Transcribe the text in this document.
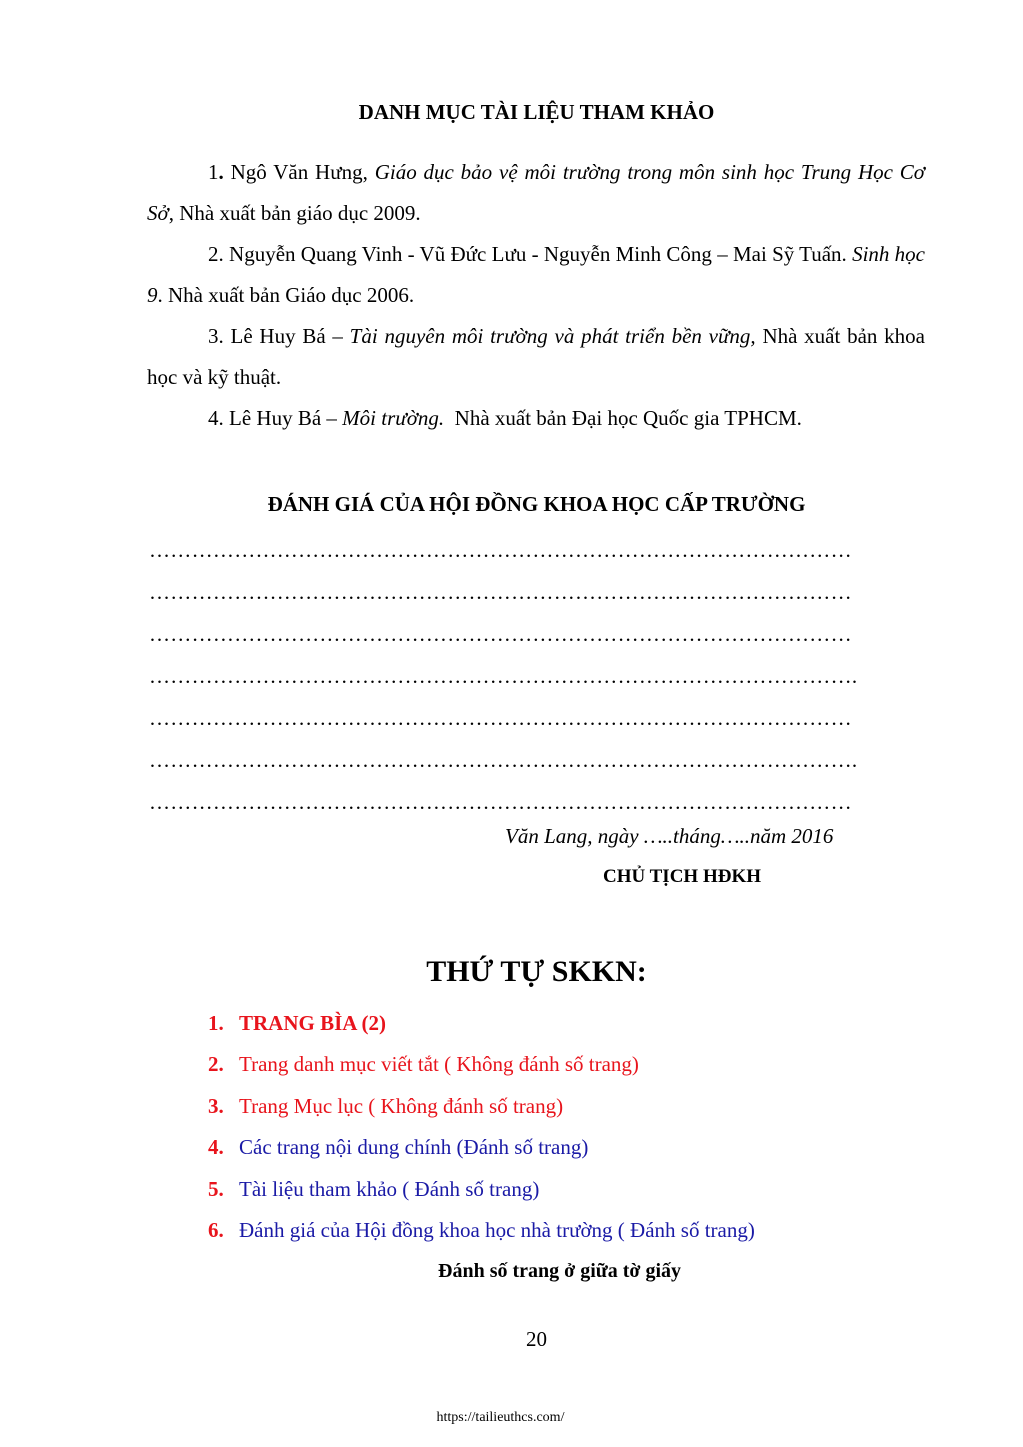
DANH MỤC TÀI LIỆU THAM KHẢO
1. Ngô Văn Hưng, Giáo dục bảo vệ môi trường trong môn sinh học Trung Học Cơ Sở, Nhà xuất bản giáo dục 2009.
2. Nguyễn Quang Vinh - Vũ Đức Lưu - Nguyễn Minh Công – Mai Sỹ Tuấn. Sinh học 9. Nhà xuất bản Giáo dục 2006.
3. Lê Huy Bá – Tài nguyên môi trường và phát triển bền vững, Nhà xuất bản khoa học và kỹ thuật.
4. Lê Huy Bá – Môi trường.  Nhà xuất bản Đại học Quốc gia TPHCM.
ĐÁNH GIÁ CỦA HỘI ĐỒNG KHOA HỌC CẤP TRƯỜNG
………………………………………………………………………………………
………………………………………………………………………………………
………………………………………………………………………………………
……………………………………………………………………………………….
………………………………………………………………………………………
……………………………………………………………………………………….
………………………………………………………………………………………
Văn Lang, ngày …..tháng…..năm 2016
CHỦ TỊCH HĐKH
THỨ TỰ SKKN:
1. TRANG BÌA (2)
2. Trang danh mục viết tắt ( Không đánh số trang)
3. Trang Mục lục ( Không đánh số trang)
4. Các trang nội dung chính (Đánh số trang)
5. Tài liệu tham khảo ( Đánh số trang)
6. Đánh giá của Hội đồng khoa học nhà trường ( Đánh số trang)
Đánh số trang ở giữa tờ giấy
20
https://tailieuthcs.com/
